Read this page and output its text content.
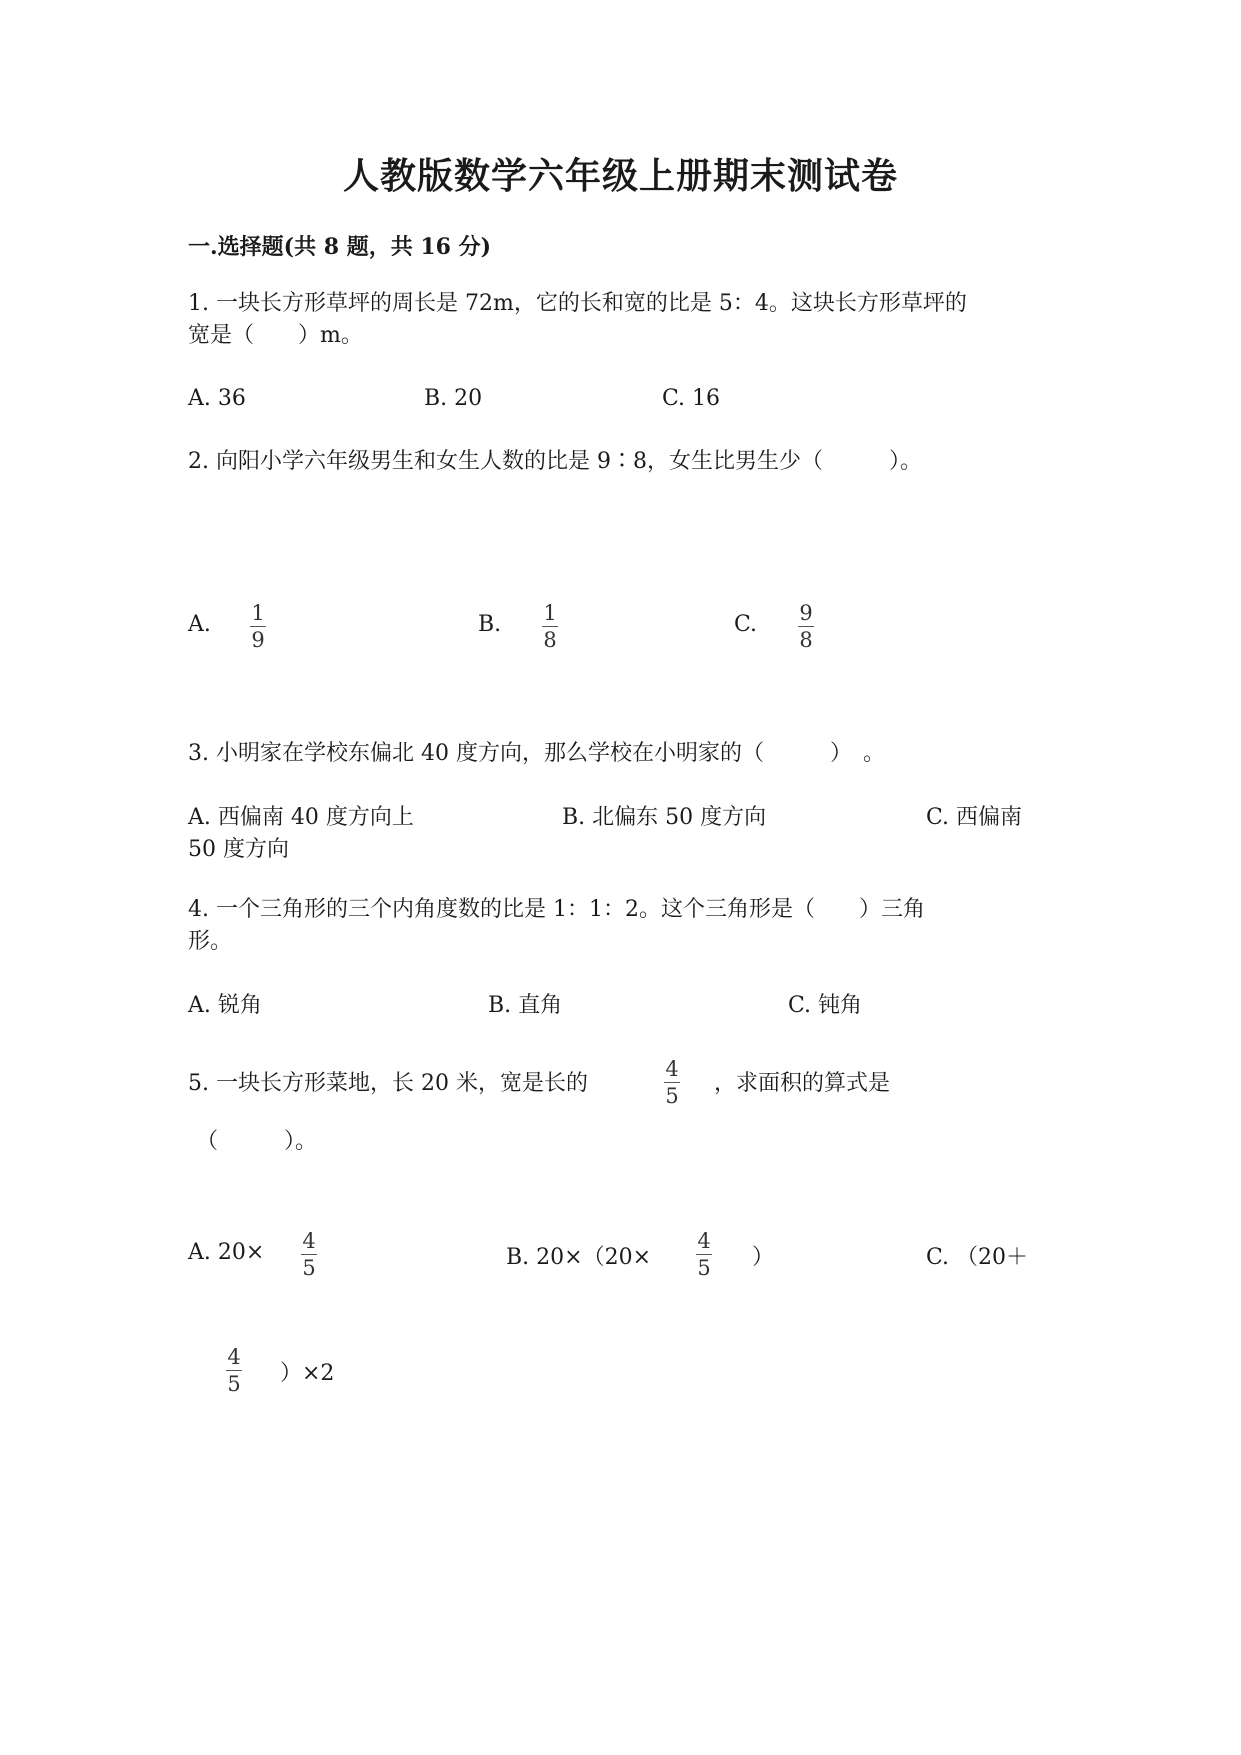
人教版数学六年级上册期末测试卷
一.选择题(共 8 题，共 16 分)
1. 一块长方形草坪的周长是 72m，它的长和宽的比是 5：4。这块长方形草坪的
宽是（　　）m。
A. 36	B. 20	C. 16
2. 向阳小学六年级男生和女生人数的比是 9∶8，女生比男生少（　　　）。
A. 1
9
B. 1
8
C. 9
8
3. 小明家在学校东偏北 40 度方向，那么学校在小明家的（　　　）　。
A. 西偏南 40 度方向上	B. 北偏东 50 度方向	C. 西偏南
50 度方向
4. 一个三角形的三个内角度数的比是 1：1：2。这个三角形是（　　）三角
形。
A. 锐角	B. 直角	C. 钝角
5. 一块长方形菜地，长 20 米，宽是长的
4
5 ，求面积的算式是
（　　　）。
A. 20× 4
5	B. 20×（20×
4
5 ）	C. （20＋
4
5 ）×2
